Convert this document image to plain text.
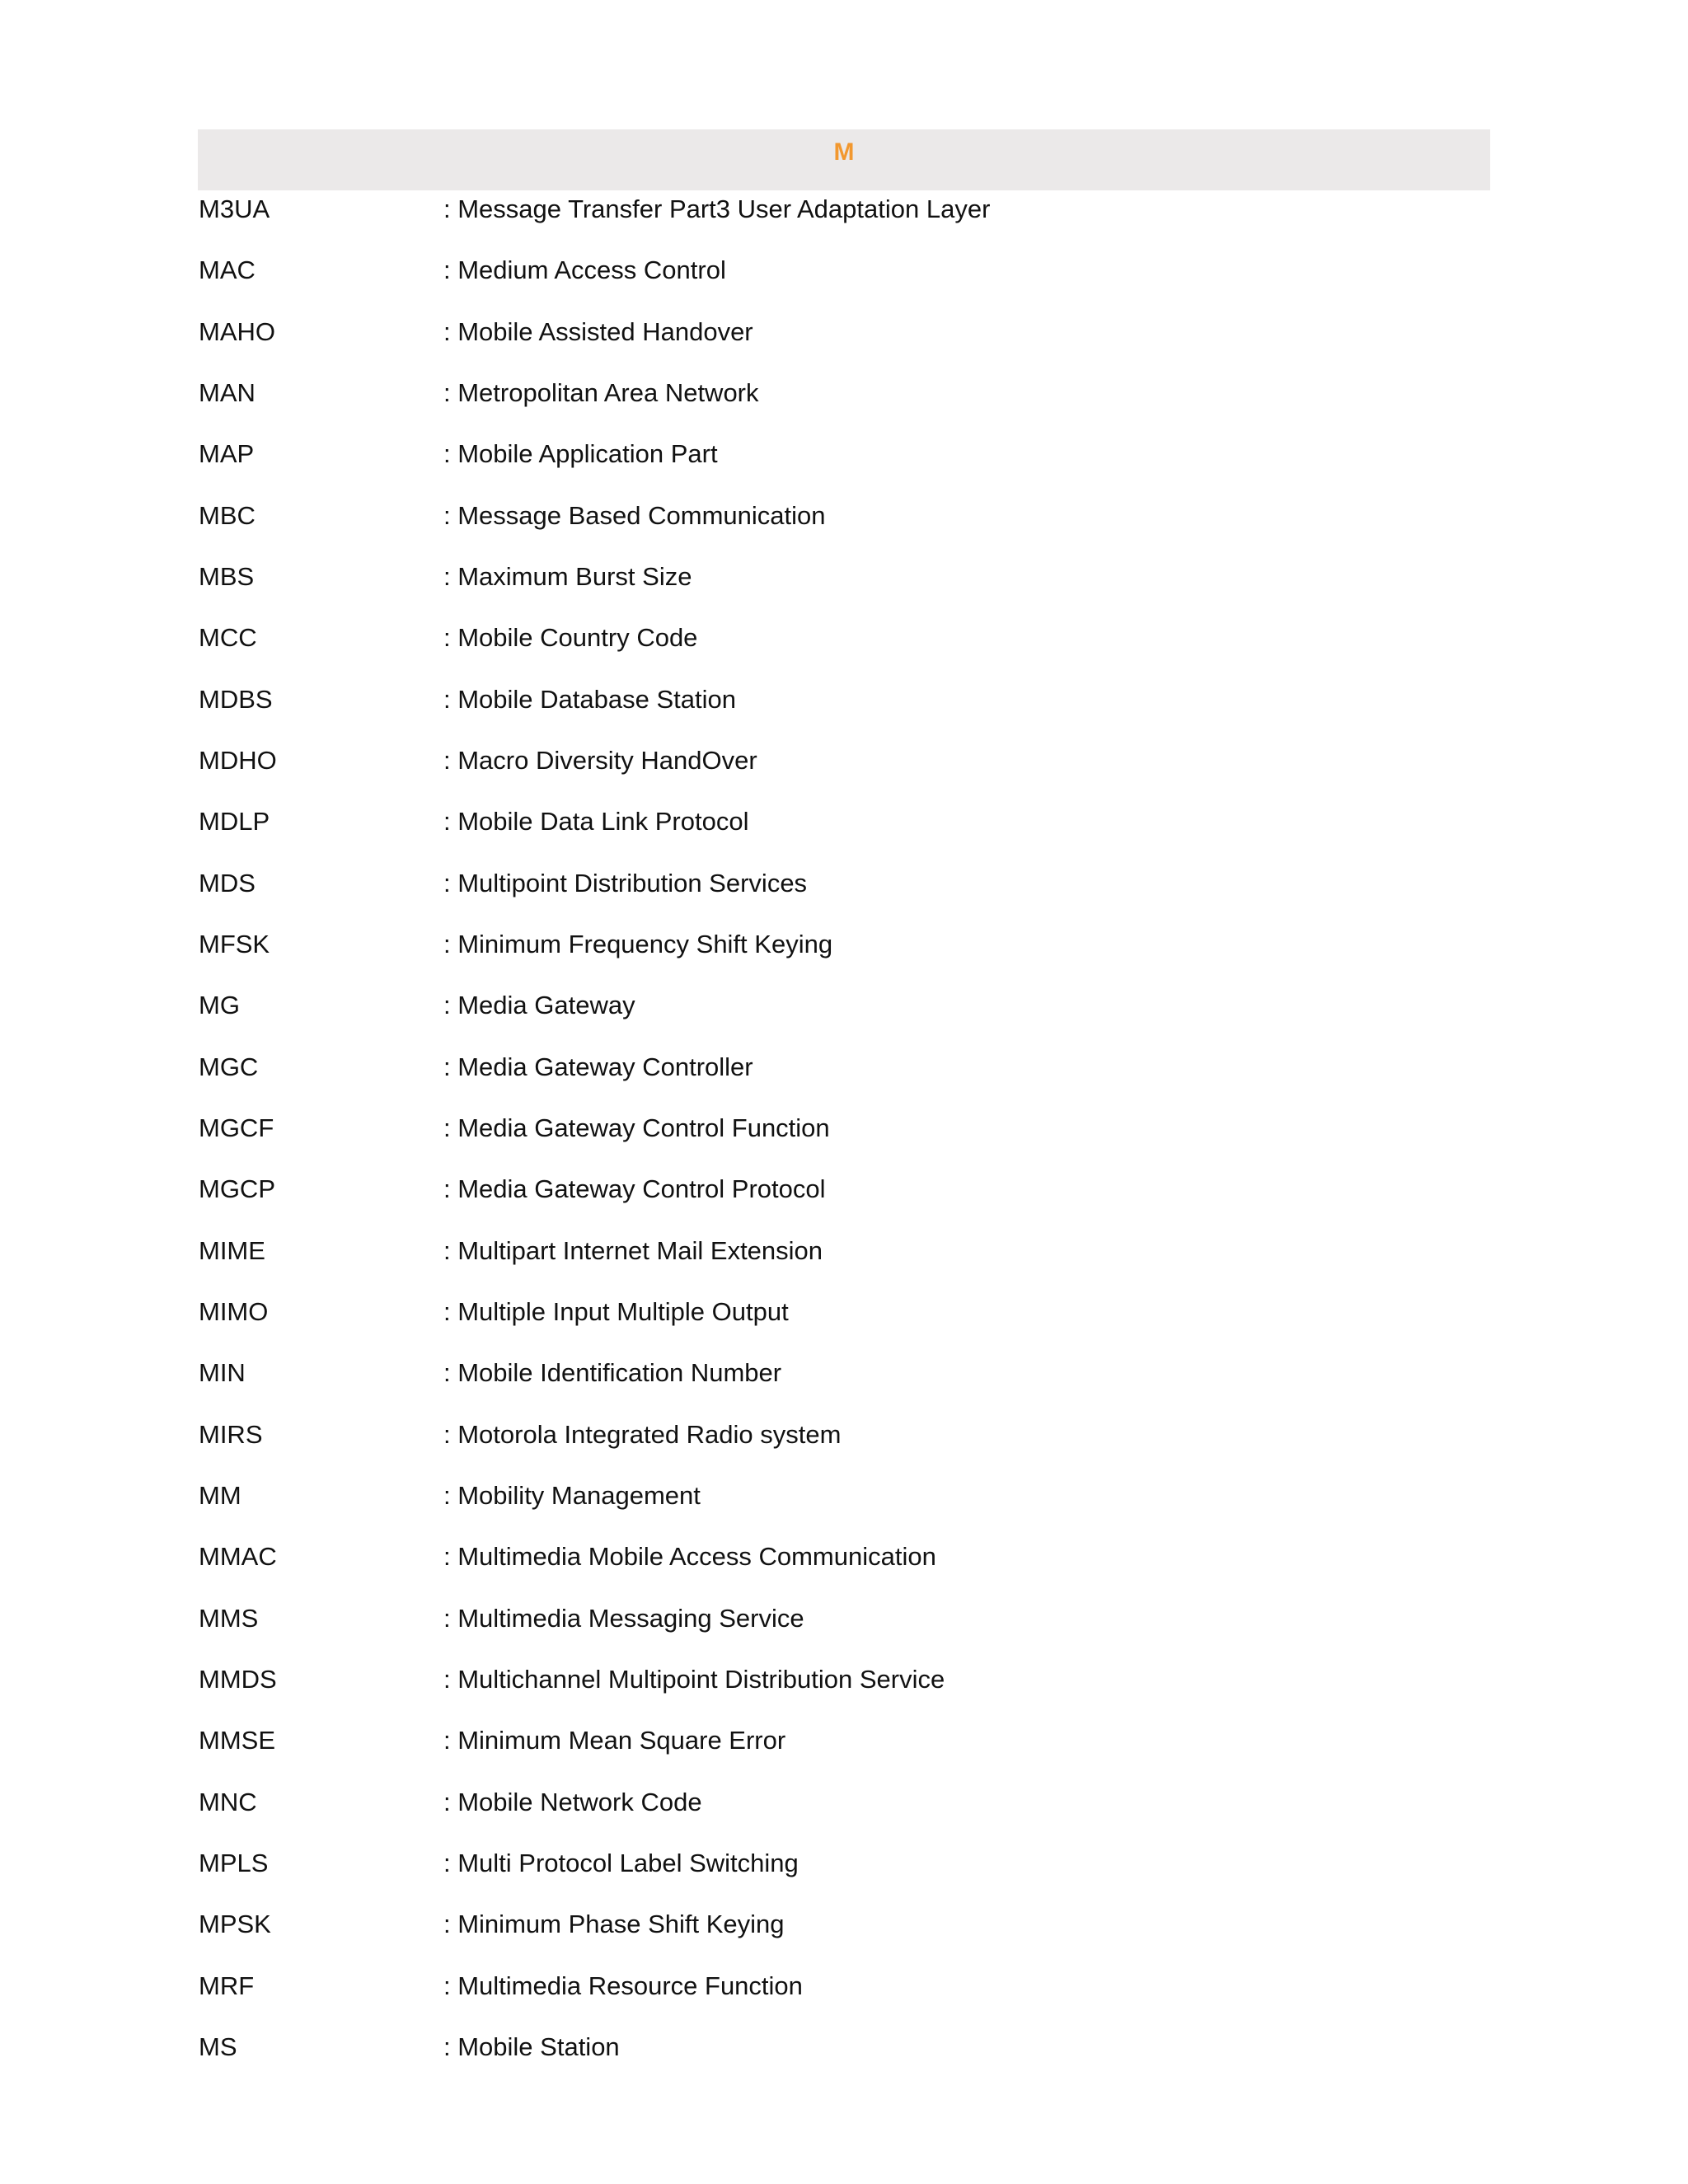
M
M3UA	: Message Transfer Part3 User Adaptation Layer
MAC	: Medium Access Control
MAHO	: Mobile Assisted Handover
MAN	: Metropolitan Area Network
MAP	: Mobile Application Part
MBC	: Message Based Communication
MBS	: Maximum Burst Size
MCC	: Mobile Country Code
MDBS	: Mobile Database Station
MDHO	: Macro Diversity HandOver
MDLP	: Mobile Data Link Protocol
MDS	: Multipoint Distribution Services
MFSK	: Minimum Frequency Shift Keying
MG	: Media Gateway
MGC	: Media Gateway Controller
MGCF	: Media Gateway Control Function
MGCP	: Media Gateway Control Protocol
MIME	: Multipart Internet Mail Extension
MIMO	: Multiple Input Multiple Output
MIN	: Mobile Identification Number
MIRS	: Motorola Integrated Radio system
MM	: Mobility Management
MMAC	: Multimedia Mobile Access Communication
MMS	: Multimedia Messaging Service
MMDS	: Multichannel Multipoint Distribution Service
MMSE	: Minimum Mean Square Error
MNC	: Mobile Network Code
MPLS	: Multi Protocol Label Switching
MPSK	: Minimum Phase Shift Keying
MRF	: Multimedia Resource Function
MS	: Mobile Station
